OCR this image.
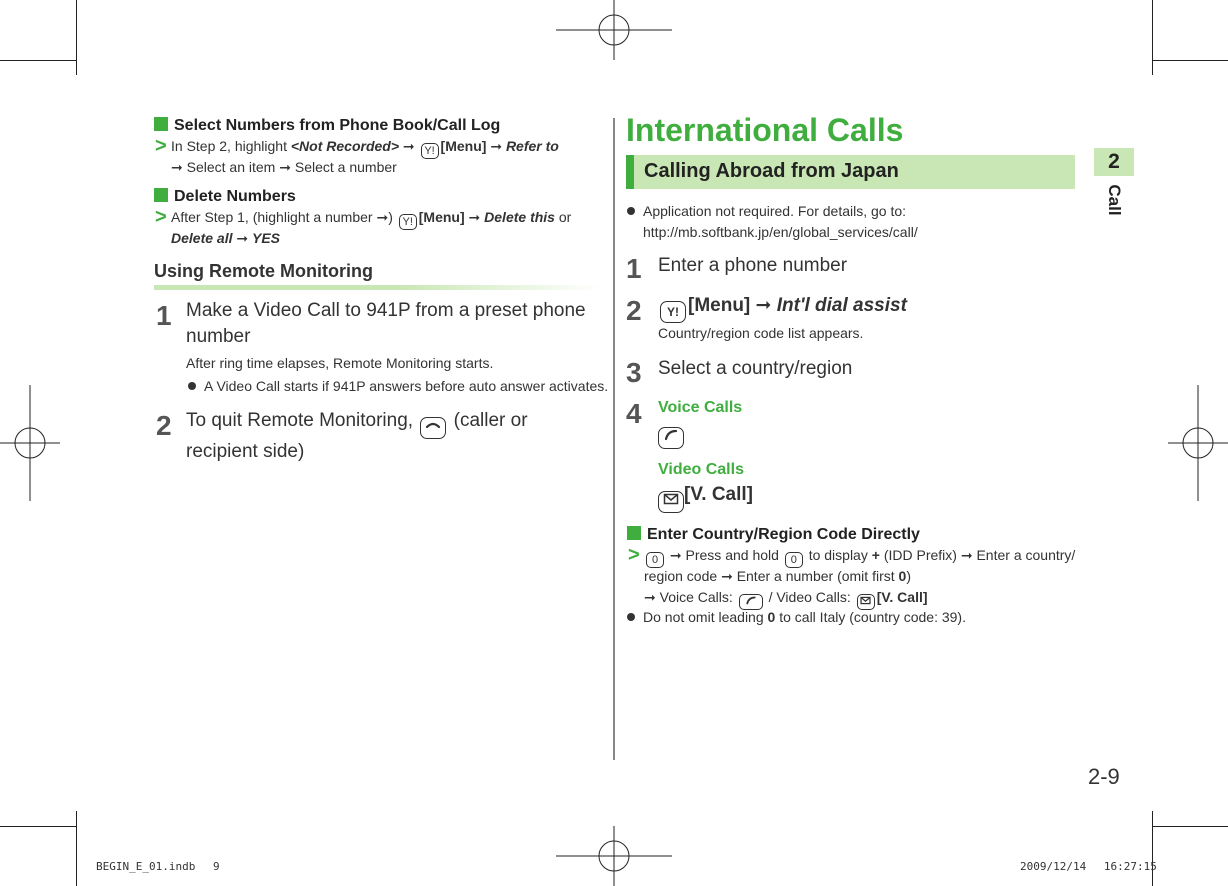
Select Numbers from Phone Book/Call Log
> In Step 2, highlight <Not Recorded> ➞ Y! [Menu] ➞ Refer to
➞ Select an item ➞ Select a number
Delete Numbers
> After Step 1, (highlight a number ➞) Y! [Menu] ➞ Delete this or
Delete all ➞ YES
Using Remote Monitoring
1 Make a Video Call to 941P from a preset phone number
After ring time elapses, Remote Monitoring starts.
A Video Call starts if 941P answers before auto answer activates.
2 To quit Remote Monitoring, (caller or recipient side)
International Calls
Calling Abroad from Japan
Application not required. For details, go to:
http://mb.softbank.jp/en/global_services/call/
1 Enter a phone number
2	Y! [Menu] ➞ Int'l dial assist
Country/region code list appears.
3 Select a country/region
4 Voice Calls
Video Calls
[V. Call]
Enter Country/Region Code Directly
>	0 ➞ Press and hold 0 to display + (IDD Prefix) ➞ Enter a country/
region code ➞ Enter a number (omit first 0)
➞ Voice Calls:	/ Video Calls: [V. Call]
Do not omit leading 0 to call Italy (country code: 39).
2
Call
2-9
BEGIN_E_01.indb　 9	2009/12/14　 16:27:15
